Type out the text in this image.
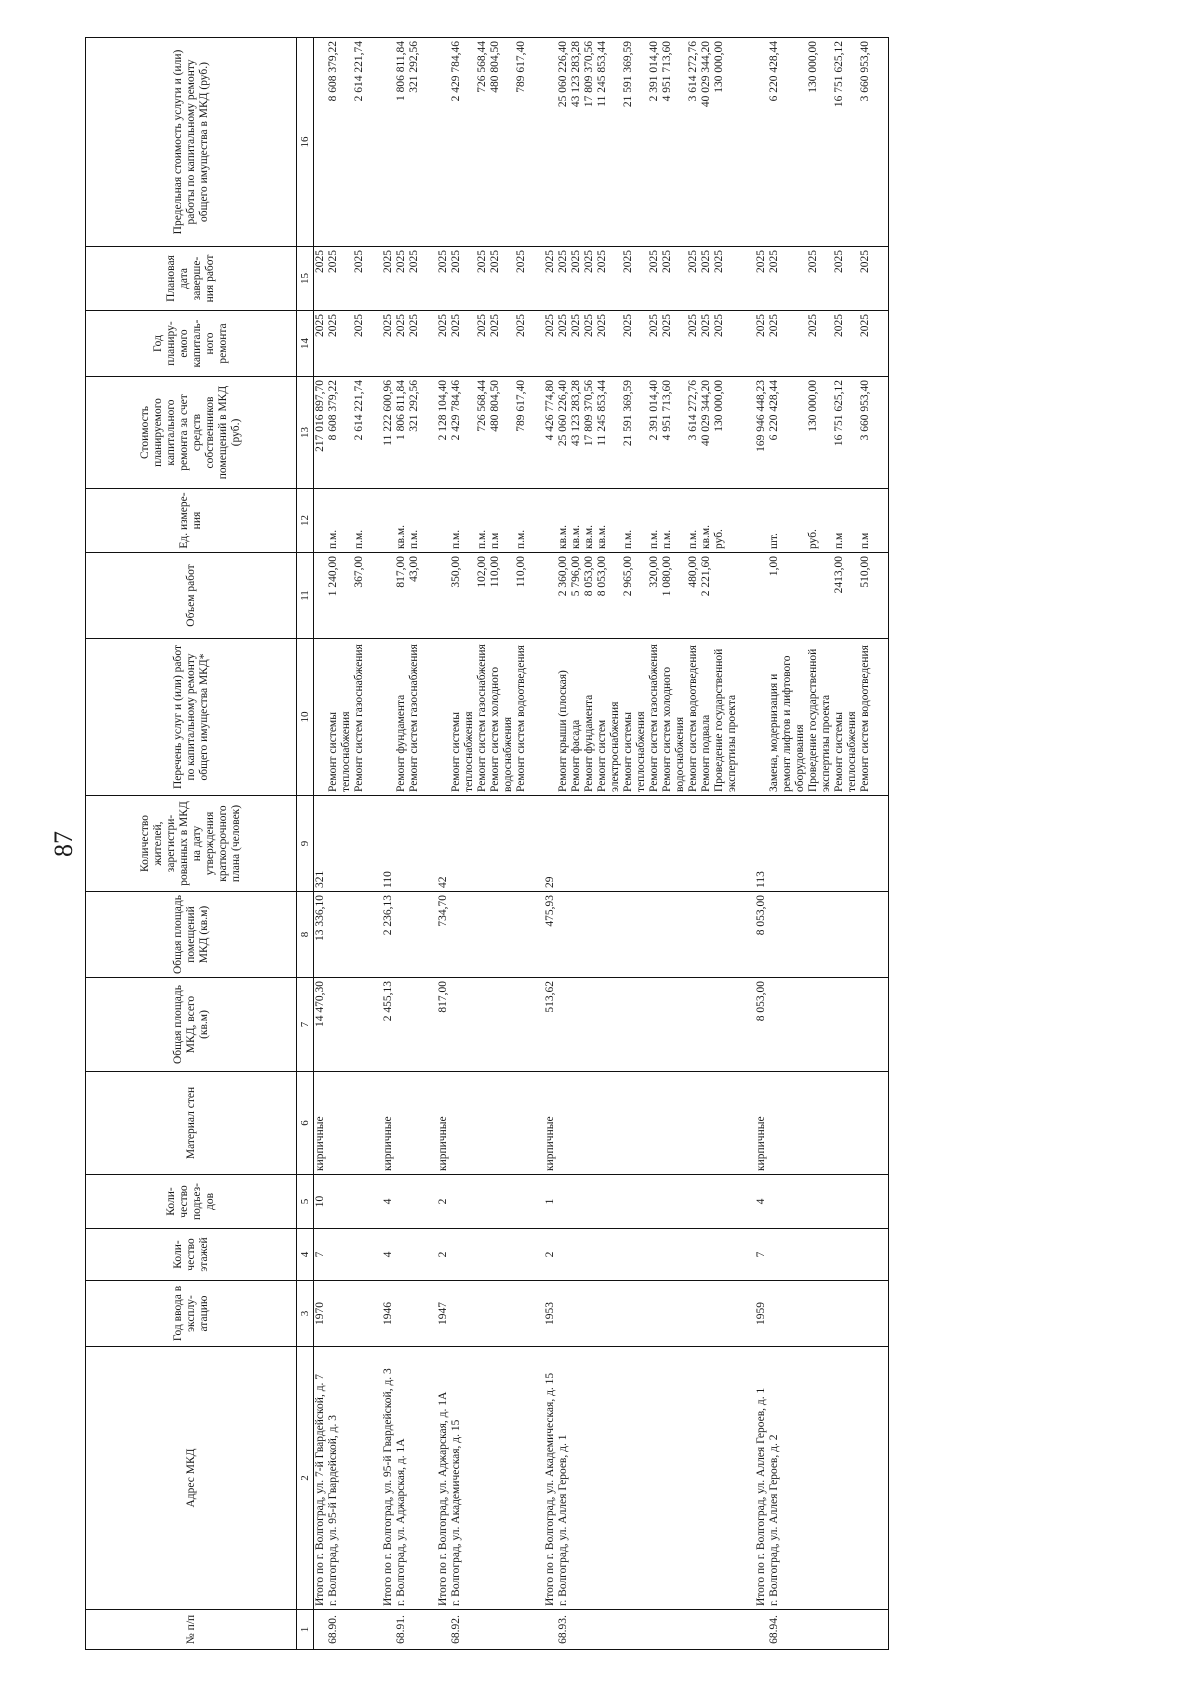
87
№ п/п	Адрес МКД	Год ввода в эксплу-атацию	Коли-чество этажей	Коли-чество подъез-дов	Материал стен	Общая площадь МКД, всего (кв.м)	Общая площадь помещений МКД (кв.м)	Количество жителей, зарегистри-рованных в МКД на дату утверждения краткосрочного плана (человек)	Перечень услуг и (или) работ по капитальному ремонту общего имущества МКД*	Объем работ	Ед. измере-ния	Стоимость планируемого капитального ремонта за счет средств собственников помещений в МКД (руб.)	Год планиру-емого капиталь-ного ремонта	Плановая дата заверше-ния работ	Предельная стоимость услуги и (или) работы по капитальному ремонту общего имущества в МКД (руб.)
1	2	3	4	5	6	7	8	9	10	11	12	13	14	15	16
	Итого по г. Волгоград, ул. 7-й Гвардейской, д. 7	1970	7	10	кирпичные	14 470,30	13 336,10	321				217 016 897,70	2025	2025	
68.90.	г. Волгоград, ул. 95-й Гвардейской, д. 3								Ремонт системы теплоснабжения	1 240,00	п.м.	8 608 379,22	2025	2025	8 608 379,22
									Ремонт систем газоснабжения	367,00	п.м.	2 614 221,74	2025	2025	2 614 221,74

	Итого по г. Волгоград, ул. 95-й Гвардейской, д. 3	1946	4	4	кирпичные	2 455,13	2 236,13	110				11 222 600,96	2025	2025	
68.91.	г. Волгоград, ул. Аджарская, д. 1А								Ремонт фундамента	817,00	кв.м.	1 806 811,84	2025	2025	1 806 811,84
									Ремонт систем газоснабжения	43,00	п.м.	321 292,56	2025	2025	321 292,56

	Итого по г. Волгоград, ул. Аджарская, д. 1А	1947	2	2	кирпичные	817,00	734,70	42				2 128 104,40	2025	2025	
68.92.	г. Волгоград, ул. Академическая, д. 15								Ремонт системы теплоснабжения	350,00	п.м.	2 429 784,46	2025	2025	2 429 784,46
									Ремонт систем газоснабжения	102,00	п.м.	726 568,44	2025	2025	726 568,44
									Ремонт систем холодного водоснабжения	110,00	п.м	480 804,50	2025	2025	480 804,50
									Ремонт систем водоотведения	110,00	п.м.	789 617,40	2025	2025	789 617,40

	Итого по г. Волгоград, ул. Академическая, д. 15	1953	2	1	кирпичные	513,62	475,93	29				4 426 774,80	2025	2025	
68.93.	г. Волгоград, ул. Аллея Героев, д. 1								Ремонт крыши (плоская)	2 360,00	кв.м.	25 060 226,40	2025	2025	25 060 226,40
									Ремонт фасада	5 796,00	кв.м.	43 123 283,28	2025	2025	43 123 283,28
									Ремонт фундамента	8 053,00	кв.м.	17 809 370,56	2025	2025	17 809 370,56
									Ремонт систем электроснабжения	8 053,00	кв.м.	11 245 853,44	2025	2025	11 245 853,44
									Ремонт системы теплоснабжения	2 965,00	п.м.	21 591 369,59	2025	2025	21 591 369,59
									Ремонт систем газоснабжения	320,00	п.м.	2 391 014,40	2025	2025	2 391 014,40
									Ремонт систем холодного водоснабжения	1 080,00	п.м.	4 951 713,60	2025	2025	4 951 713,60
									Ремонт систем водоотведения	480,00	п.м.	3 614 272,76	2025	2025	3 614 272,76
									Ремонт подвала	2 221,60	кв.м.	40 029 344,20	2025	2025	40 029 344,20
									Проведение государственной экспертизы проекта		руб.	130 000,00	2025	2025	130 000,00

	Итого по г. Волгоград, ул. Аллея Героев, д. 1	1959	7	4	кирпичные	8 053,00	8 053,00	113				169 946 448,23	2025	2025	
68.94.	г. Волгоград, ул. Аллея Героев, д. 2								Замена, модернизация и ремонт лифтов и лифтового оборудования	1,00	шт.	6 220 428,44	2025	2025	6 220 428,44
									Проведение государственной экспертизы проекта		руб.	130 000,00	2025	2025	130 000,00
									Ремонт системы теплоснабжения	2413,00	п.м	16 751 625,12	2025	2025	16 751 625,12
									Ремонт систем водоотведения	510,00	п.м	3 660 953,40	2025	2025	3 660 953,40
